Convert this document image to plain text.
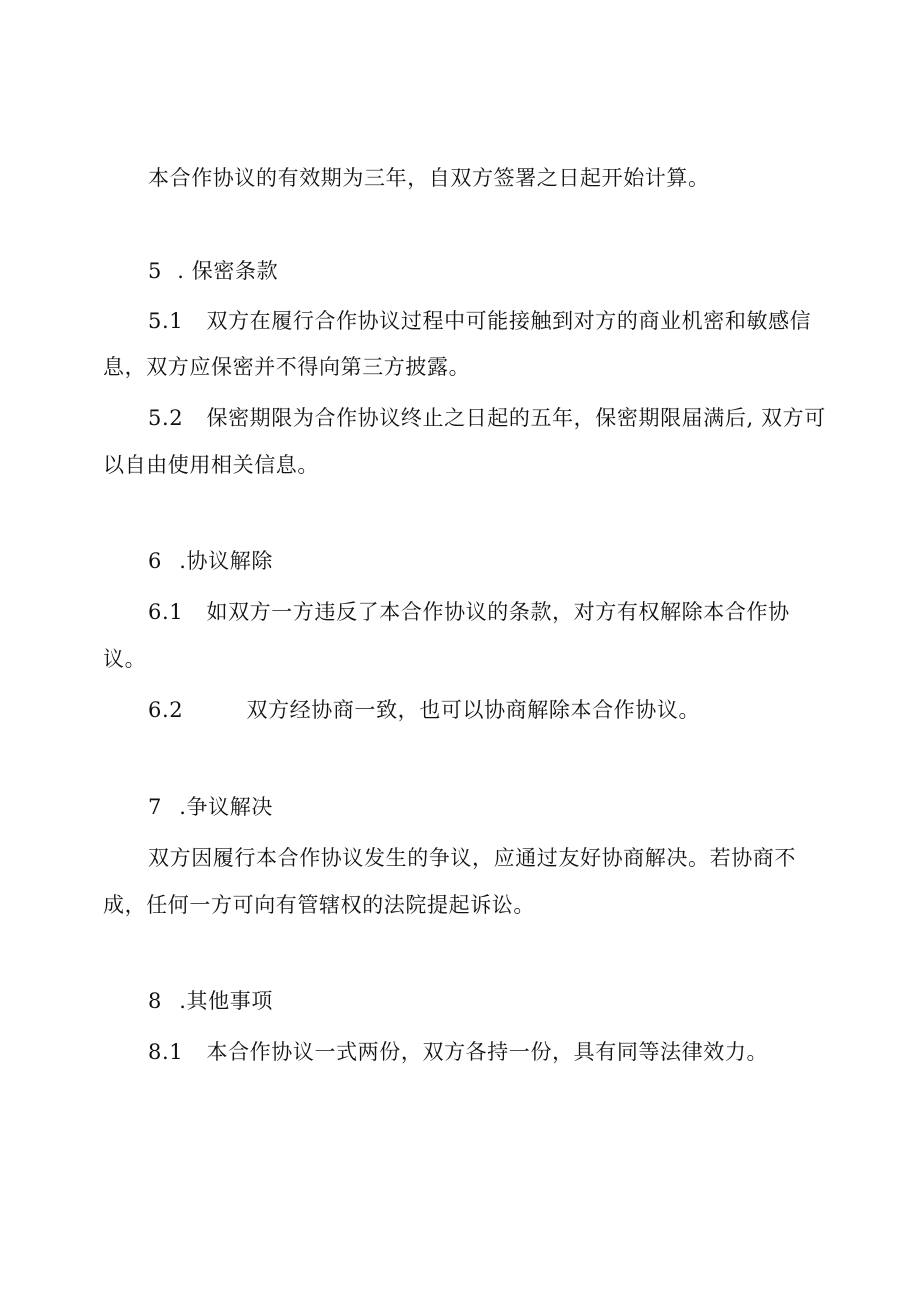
本合作协议的有效期为三年，自双方签署之日起开始计算。
5 . 保密条款
5.1 双方在履行合作协议过程中可能接触到对方的商业机密和敏感信
息，双方应保密并不得向第三方披露。
5.2 保密期限为合作协议终止之日起的五年，保密期限届满后, 双方可
以自由使用相关信息。
6 .协议解除
6.1 如双方一方违反了本合作协议的条款，对方有权解除本合作协
议。
6.2	双方经协商一致，也可以协商解除本合作协议。
7 .争议解决
双方因履行本合作协议发生的争议，应通过友好协商解决。若协商不
成，任何一方可向有管辖权的法院提起诉讼。
8 .其他事项
8.1 本合作协议一式两份，双方各持一份，具有同等法律效力。
